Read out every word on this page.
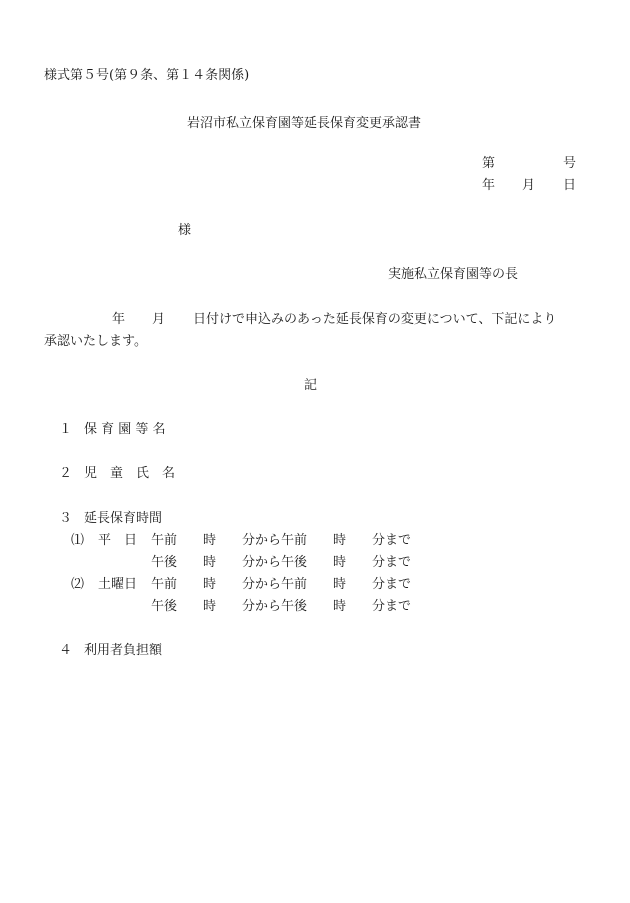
様式第５号(第９条、第１４条関係)
岩沼市私立保育園等延長保育変更承認書
第	号
年 月 日
様
実施私立保育園等の長
年 月 日付けで申込みのあった延長保育の変更について、下記により
承認いたします。
記
１ 保 育 園 等 名
２ 児　童　氏　名
３ 延長保育時間
⑴ 平　日 午前　　時　　分から午前　　時　　分まで
午後　　時　　分から午後　　時　　分まで
⑵ 土曜日 午前　　時　　分から午前　　時　　分まで
午後　　時　　分から午後　　時　　分まで
４ 利用者負担額
